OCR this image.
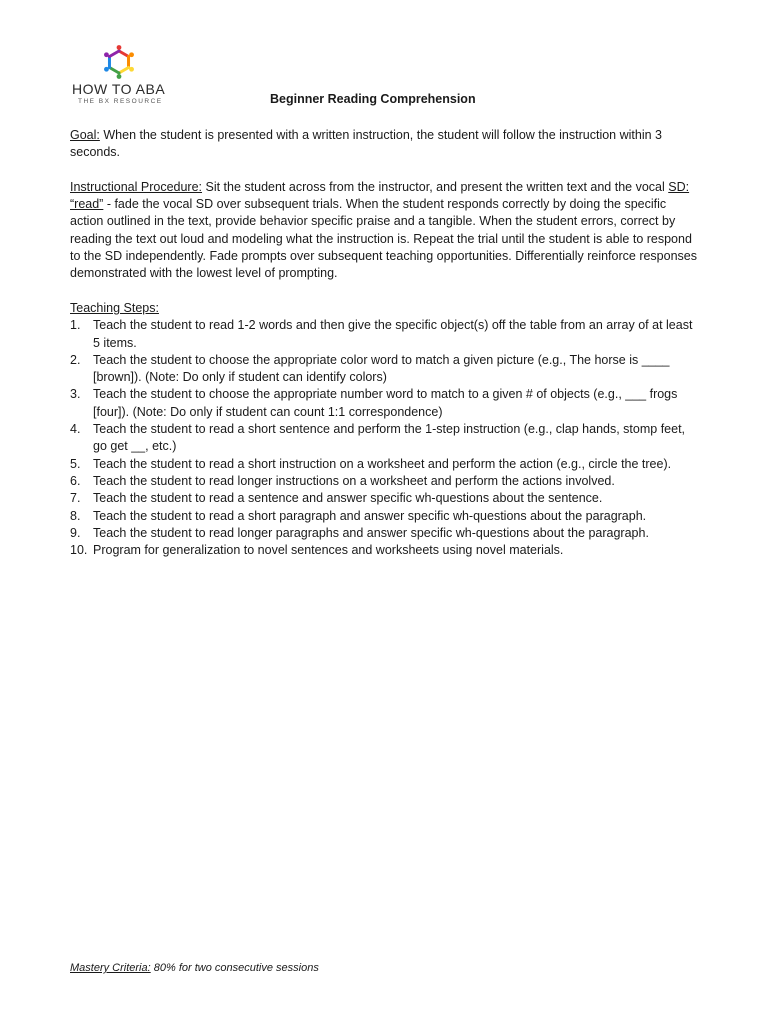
HOW TO ABA
THE BX RESOURCE	Beginner Reading Comprehension

Goal: When the student is presented with a written instruction, the student will follow the instruction within 3 seconds.

Instructional Procedure: Sit the student across from the instructor, and present the written text and the vocal SD: “read” - fade the vocal SD over subsequent trials. When the student responds correctly by doing the specific action outlined in the text, provide behavior specific praise and a tangible. When the student errors, correct by reading the text out loud and modeling what the instruction is. Repeat the trial until the student is able to respond to the SD independently. Fade prompts over subsequent teaching opportunities. Differentially reinforce responses demonstrated with the lowest level of prompting.

Teaching Steps:
1. Teach the student to read 1-2 words and then give the specific object(s) off the table from an array of at least 5 items.
2. Teach the student to choose the appropriate color word to match a given picture (e.g., The horse is ____ [brown]). (Note: Do only if student can identify colors)
3. Teach the student to choose the appropriate number word to match to a given # of objects (e.g., ___ frogs [four]). (Note: Do only if student can count 1:1 correspondence)
4. Teach the student to read a short sentence and perform the 1-step instruction (e.g., clap hands, stomp feet, go get __, etc.)
5. Teach the student to read a short instruction on a worksheet and perform the action (e.g., circle the tree).
6. Teach the student to read longer instructions on a worksheet and perform the actions involved.
7. Teach the student to read a sentence and answer specific wh-questions about the sentence.
8. Teach the student to read a short paragraph and answer specific wh-questions about the paragraph.
9. Teach the student to read longer paragraphs and answer specific wh-questions about the paragraph.
10. Program for generalization to novel sentences and worksheets using novel materials.
Mastery Criteria: 80% for two consecutive sessions
